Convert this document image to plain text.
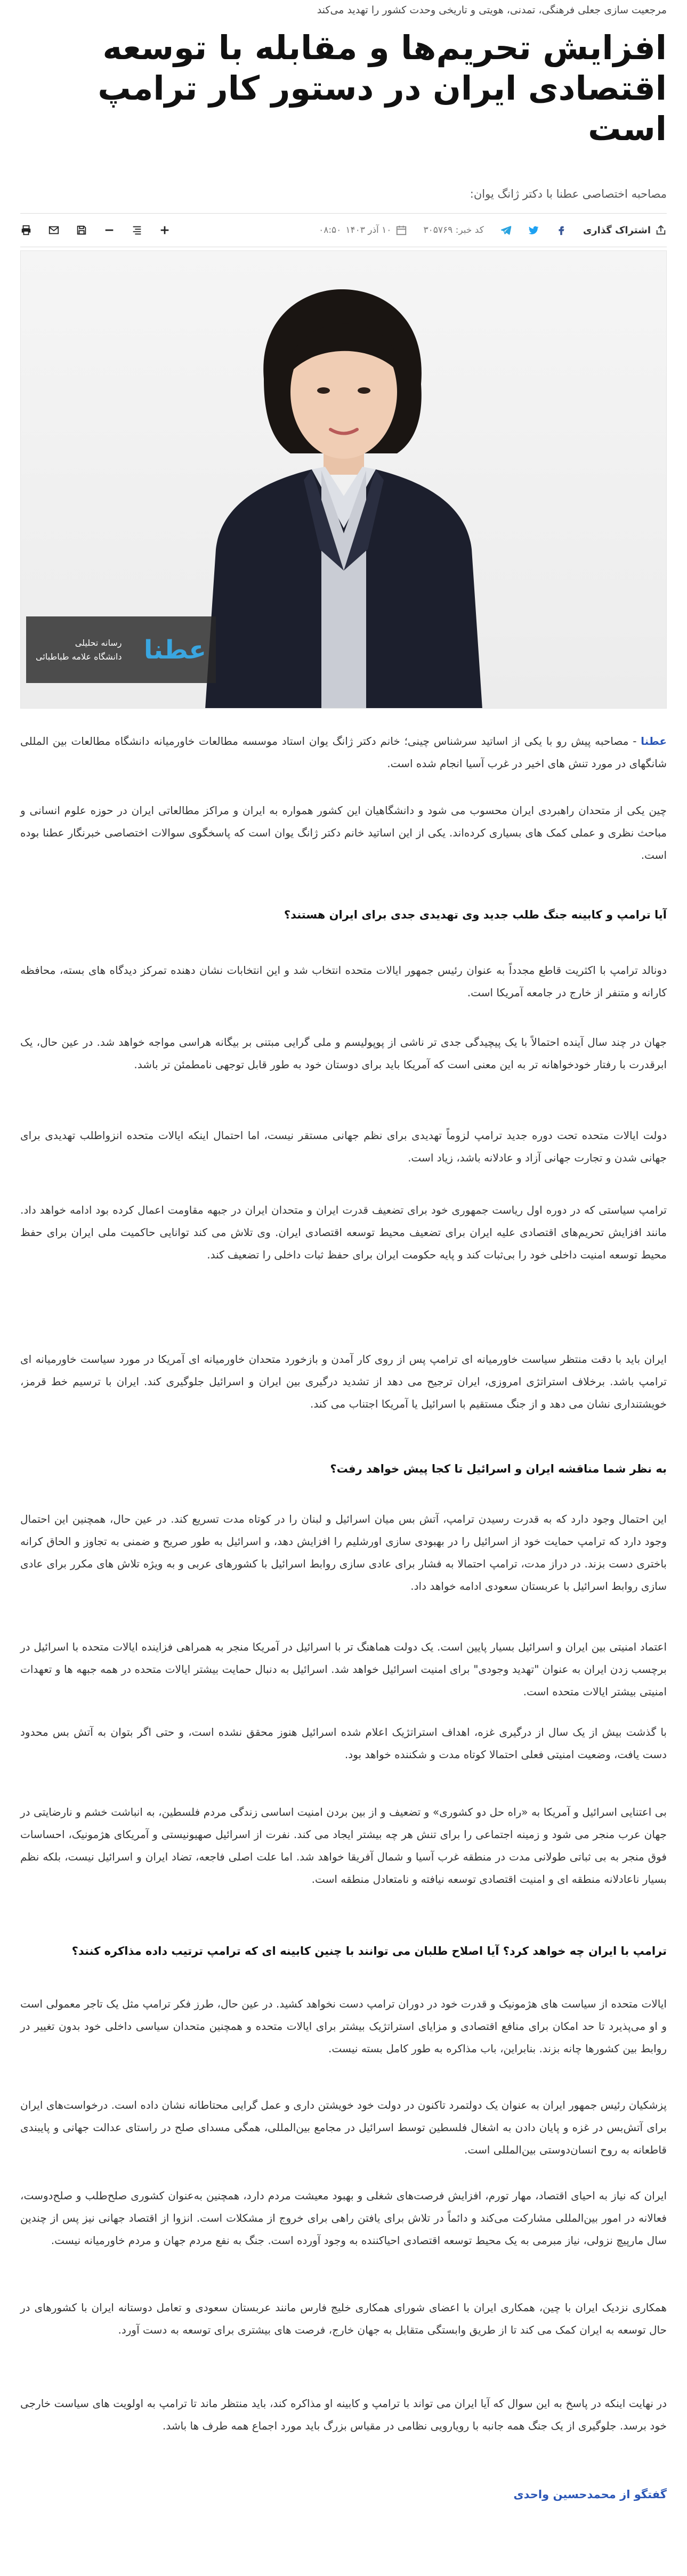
مرجعیت سازی جعلی فرهنگی، تمدنی، هویتی و تاریخی وحدت کشور را تهدید می‌کند
افزایش تحریم‌ها و مقابله با توسعه اقتصادی ایران در دستور کار ترامپ است
مصاحبه اختصاصی عطنا با دکتر ژانگ یوان:
اشتراک گذاری
کد خبر: ۳۰۵۷۶۹
۱۰ آذر ۱۴۰۳
۰۸:۵۰
عطنا
رسانه تحلیلی
دانشگاه علامه طباطبائی

عطنا - مصاحبه پیش رو با یکی از اساتید سرشناس چینی؛ خانم دکتر ژانگ یوان استاد موسسه مطالعات خاورمیانه دانشگاه مطالعات بین المللی شانگهای در مورد تنش های اخیر در غرب آسیا انجام شده است.

چین یکی از متحدان راهبردی ایران محسوب می شود و دانشگاهیان این کشور همواره به ایران و مراکز مطالعاتی ایران در حوزه علوم انسانی و مباحث نظری و عملی کمک های بسیاری کرده‌اند. یکی از این اساتید خانم دکتر ژانگ یوان است که پاسخگوی سوالات اختصاصی خبرنگار عطنا بوده است.

آیا ترامپ و کابینه جنگ طلب جدید وی تهدیدی جدی برای ایران هستند؟

دونالد ترامپ با اکثریت قاطع مجدداً به عنوان رئیس جمهور ایالات متحده انتخاب شد و این انتخابات نشان دهنده تمرکز دیدگاه های بسته، محافظه کارانه و متنفر از خارج در جامعه آمریکا است.

جهان در چند سال آینده احتمالاً با یک پیچیدگی جدی تر ناشی از پوپولیسم و ملی گرایی مبتنی بر بیگانه هراسی مواجه خواهد شد. در عین حال، یک ابرقدرت با رفتار خودخواهانه تر به این معنی است که آمریکا باید برای دوستان خود به طور قابل توجهی نامطمئن تر باشد.

دولت ایالات متحده تحت دوره جدید ترامپ لزوماً تهدیدی برای نظم جهانی مستقر نیست، اما احتمال اینکه ایالات متحده انزواطلب تهدیدی برای جهانی شدن و تجارت جهانی آزاد و عادلانه باشد، زیاد است.

ترامپ سیاستی که در دوره اول ریاست جمهوری خود برای تضعیف قدرت ایران و متحدان ایران در جبهه مقاومت اعمال کرده بود ادامه خواهد داد. مانند افزایش تحریم‌های اقتصادی علیه ایران برای تضعیف محیط توسعه اقتصادی ایران. وی تلاش می کند توانایی حاکمیت ملی ایران برای حفظ محیط توسعه امنیت داخلی خود را بی‌ثبات کند و پایه حکومت ایران برای حفظ ثبات داخلی را تضعیف کند.

ایران باید با دقت منتظر سیاست خاورمیانه ای ترامپ پس از روی کار آمدن و بازخورد متحدان خاورمیانه ای آمریکا در مورد سیاست خاورمیانه ای ترامپ باشد. برخلاف استراتژی امروزی، ایران ترجیح می دهد از تشدید درگیری بین ایران و اسرائیل جلوگیری کند. ایران با ترسیم خط قرمز، خویشتنداری نشان می دهد و از جنگ مستقیم با اسرائیل یا آمریکا اجتناب می کند.

به نظر شما مناقشه ایران و اسرائیل تا کجا پیش خواهد رفت؟

این احتمال وجود دارد که به قدرت رسیدن ترامپ، آتش بس میان اسرائیل و لبنان را در کوتاه مدت تسریع کند. در عین حال، همچنین این احتمال وجود دارد که ترامپ حمایت خود از اسرائیل را در بهبودی سازی اورشلیم را افزایش دهد، و اسرائیل به طور صریح و ضمنی به تجاوز و الحاق کرانه باختری دست بزند. در دراز مدت، ترامپ احتمالا به فشار برای عادی سازی روابط اسرائیل با کشورهای عربی و به ویژه تلاش های مکرر برای عادی سازی روابط اسرائیل با عربستان سعودی ادامه خواهد داد.

اعتماد امنیتی بین ایران و اسرائیل بسیار پایین است. یک دولت هماهنگ تر با اسرائیل در آمریکا منجر به همراهی فزاینده ایالات متحده با اسرائیل در برچسب زدن ایران به عنوان "تهدید وجودی" برای امنیت اسرائیل خواهد شد. اسرائیل به دنبال حمایت بیشتر ایالات متحده در همه جبهه ها و تعهدات امنیتی بیشتر ایالات متحده است.

با گذشت بیش از یک سال از درگیری غزه، اهداف استراتژیک اعلام شده اسرائیل هنوز محقق نشده است، و حتی اگر بتوان به آتش بس محدود دست یافت، وضعیت امنیتی فعلی احتمالا کوتاه مدت و شکننده خواهد بود.

بی اعتنایی اسرائیل و آمریکا به «راه حل دو کشوری» و تضعیف و از بین بردن امنیت اساسی زندگی مردم فلسطین، به انباشت خشم و نارضایتی در جهان عرب منجر می شود و زمینه اجتماعی را برای تنش هر چه بیشتر ایجاد می کند. نفرت از اسرائیل صهیونیستی و آمریکای هژمونیک، احساسات فوق منجر به بی ثباتی طولانی مدت در منطقه غرب آسیا و شمال آفریقا خواهد شد. اما علت اصلی فاجعه، تضاد ایران و اسرائیل نیست، بلکه نظم بسیار ناعادلانه منطقه ای و امنیت اقتصادی توسعه نیافته و نامتعادل منطقه است.

ترامپ با ایران چه خواهد کرد؟ آیا اصلاح طلبان می توانند با چنین کابینه ای که ترامپ ترتیب داده مذاکره کنند؟

ایالات متحده از سیاست های هژمونیک و قدرت خود در دوران ترامپ دست نخواهد کشید. در عین حال، طرز فکر ترامپ مثل یک تاجر معمولی است و او می‌پذیرد تا حد امکان برای منافع اقتصادی و مزایای استراتژیک بیشتر برای ایالات متحده و همچنین متحدان سیاسی داخلی خود بدون تغییر در روابط بین کشورها چانه بزند. بنابراین، باب مذاکره به طور کامل بسته نیست.

پزشکیان رئیس جمهور ایران به عنوان یک دولتمرد تاکنون در دولت خود خویشتن داری و عمل گرایی محتاطانه نشان داده است. درخواست‌های ایران برای آتش‌بس در غزه و پایان دادن به اشغال فلسطین توسط اسرائیل در مجامع بین‌المللی، همگی مسدای صلح در راستای عدالت جهانی و پایبندی قاطعانه به روح انسان‌دوستی بین‌المللی است.

ایران که نیاز به احیای اقتصاد، مهار تورم، افزایش فرصت‌های شغلی و بهبود معیشت مردم دارد، همچنین به‌عنوان کشوری صلح‌طلب و صلح‌دوست، فعالانه در امور بین‌المللی مشارکت می‌کند و دائماً در تلاش برای یافتن راهی برای خروج از مشکلات است. انزوا از اقتصاد جهانی نیز پس از چندین سال مارپیچ نزولی، نیاز مبرمی به یک محیط توسعه اقتصادی احیاکننده به وجود آورده است. جنگ به نفع مردم جهان و مردم خاورمیانه نیست.

همکاری نزدیک ایران با چین، همکاری ایران با اعضای شورای همکاری خلیج فارس مانند عربستان سعودی و تعامل دوستانه ایران با کشورهای در حال توسعه به ایران کمک می کند تا از طریق وابستگی متقابل به جهان خارج، فرصت های بیشتری برای توسعه به دست آورد.

در نهایت اینکه در پاسخ به این سوال که آیا ایران می تواند با ترامپ و کابینه او مذاکره کند، باید منتظر ماند تا ترامپ به اولویت های سیاست خارجی خود برسد. جلوگیری از یک جنگ همه جانبه با رویارویی نظامی در مقیاس بزرگ باید مورد اجماع همه طرف ها باشد.

گفتگو از محمدحسین واحدی
